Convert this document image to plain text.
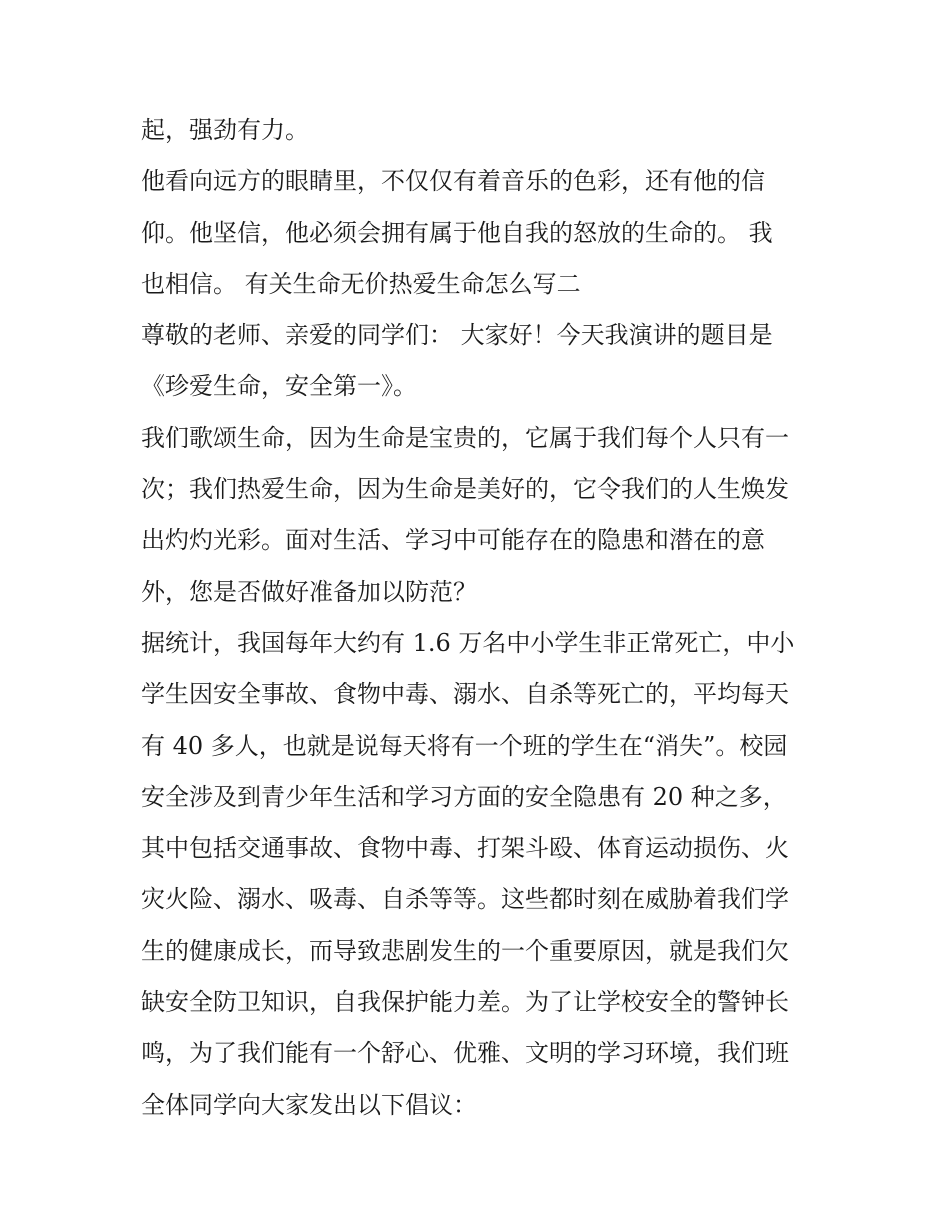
起，强劲有力。
他看向远方的眼睛里，不仅仅有着音乐的色彩，还有他的信
仰。他坚信，他必须会拥有属于他自我的怒放的生命的。 我
也相信。 有关生命无价热爱生命怎么写二
尊敬的老师、亲爱的同学们： 大家好！今天我演讲的题目是
《珍爱生命，安全第一》。
我们歌颂生命，因为生命是宝贵的，它属于我们每个人只有一
次；我们热爱生命，因为生命是美好的，它令我们的人生焕发
出灼灼光彩。面对生活、学习中可能存在的隐患和潜在的意
外，您是否做好准备加以防范？
据统计，我国每年大约有 1.6 万名中小学生非正常死亡，中小
学生因安全事故、食物中毒、溺水、自杀等死亡的，平均每天
有 40 多人，也就是说每天将有一个班的学生在“消失”。校园
安全涉及到青少年生活和学习方面的安全隐患有 20 种之多，
其中包括交通事故、食物中毒、打架斗殴、体育运动损伤、火
灾火险、溺水、吸毒、自杀等等。这些都时刻在威胁着我们学
生的健康成长，而导致悲剧发生的一个重要原因，就是我们欠
缺安全防卫知识，自我保护能力差。为了让学校安全的警钟长
鸣，为了我们能有一个舒心、优雅、文明的学习环境，我们班
全体同学向大家发出以下倡议：
